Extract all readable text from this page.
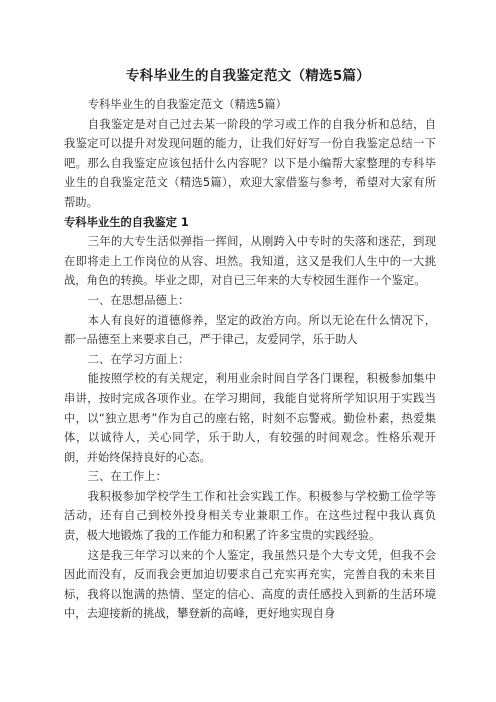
专科毕业生的自我鉴定范文（精选5篇）

专科毕业生的自我鉴定范文（精选5篇）

自我鉴定是对自己过去某一阶段的学习或工作的自我分析和总结，自我鉴定可以提升对发现问题的能力，让我们好好写一份自我鉴定总结一下吧。那么自我鉴定应该包括什么内容呢？以下是小编帮大家整理的专科毕业生的自我鉴定范文（精选5篇），欢迎大家借鉴与参考，希望对大家有所帮助。

专科毕业生的自我鉴定 1

三年的大专生活似弹指一挥间，从刚跨入中专时的失落和迷茫，到现在即将走上工作岗位的从容、坦然。我知道，这又是我们人生中的一大挑战，角色的转换。毕业之即，对自已三年来的大专校园生涯作一个鉴定。

一、在思想品德上：

本人有良好的道德修养，坚定的政治方向。所以无论在什么情况下，都一品德至上来要求自己，严于律己，友爱同学，乐于助人

二、在学习方面上：

能按照学校的有关规定，利用业余时间自学各门课程，积极参加集中串讲，按时完成各项作业。在学习期间，我能自觉将所学知识用于实践当中，以“独立思考”作为自己的座右铭，时刻不忘警戒。勤俭朴素，热爱集体，以诚待人，关心同学，乐于助人，有较强的时间观念。性格乐观开朗，并始终保持良好的心态。

三、在工作上：

我积极参加学校学生工作和社会实践工作。积极参与学校勤工俭学等活动，还有自己到校外投身相关专业兼职工作。在这些过程中我认真负责，极大地锻炼了我的工作能力和积累了许多宝贵的实践经验。

这是我三年学习以来的个人鉴定，我虽然只是个大专文凭，但我不会因此而没有，反而我会更加迫切要求自己充实再充实，完善自我的未来目标，我将以饱满的热情、坚定的信心、高度的责任感投入到新的生活环境中，去迎接新的挑战，攀登新的高峰，更好地实现自身
